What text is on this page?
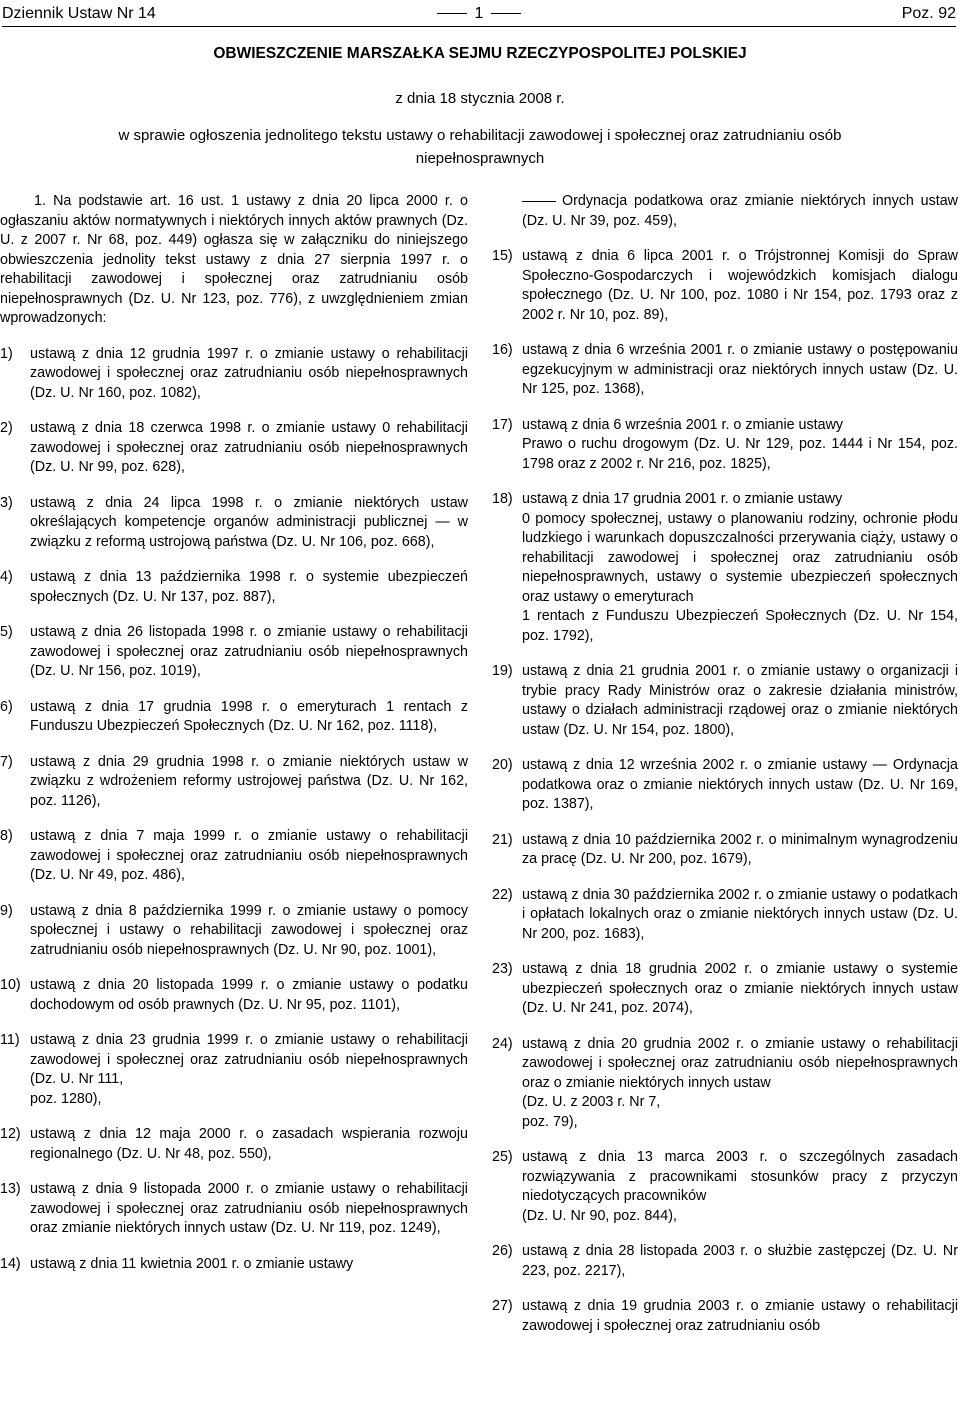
Dziennik Ustaw Nr 14	1	Poz. 92
OBWIESZCZENIE MARSZAŁKA SEJMU RZECZYPOSPOLITEJ POLSKIEJ
z dnia 18 stycznia 2008 r.
w sprawie ogłoszenia jednolitego tekstu ustawy o rehabilitacji zawodowej i społecznej oraz zatrudnianiu osób niepełnosprawnych

1. Na podstawie art. 16 ust. 1 ustawy z dnia 20 lipca 2000 r. o ogłaszaniu aktów normatywnych i niektórych innych aktów prawnych (Dz. U. z 2007 r. Nr 68, poz. 449) ogłasza się w załączniku do niniejszego obwieszczenia jednolity tekst ustawy z dnia 27 sierpnia 1997 r. o rehabilitacji zawodowej i społecznej oraz zatrudnianiu osób niepełnosprawnych (Dz. U. Nr 123, poz. 776), z uwzględnieniem zmian wprowadzonych:

1) ustawą z dnia 12 grudnia 1997 r. o zmianie ustawy o rehabilitacji zawodowej i społecznej oraz zatrudnianiu osób niepełnosprawnych (Dz. U. Nr 160, poz. 1082),

2) ustawą z dnia 18 czerwca 1998 r. o zmianie ustawy 0 rehabilitacji zawodowej i społecznej oraz zatrudnianiu osób niepełnosprawnych (Dz. U. Nr 99, poz. 628),

3) ustawą z dnia 24 lipca 1998 r. o zmianie niektórych ustaw określających kompetencje organów administracji publicznej — w związku z reformą ustrojową państwa (Dz. U. Nr 106, poz. 668),

4) ustawą z dnia 13 października 1998 r. o systemie ubezpieczeń społecznych (Dz. U. Nr 137, poz. 887),

5) ustawą z dnia 26 listopada 1998 r. o zmianie ustawy o rehabilitacji zawodowej i społecznej oraz zatrudnianiu osób niepełnosprawnych (Dz. U. Nr 156, poz. 1019),

6) ustawą z dnia 17 grudnia 1998 r. o emeryturach 1 rentach z Funduszu Ubezpieczeń Społecznych (Dz. U. Nr 162, poz. 1118),

7) ustawą z dnia 29 grudnia 1998 r. o zmianie niektórych ustaw w związku z wdrożeniem reformy ustrojowej państwa (Dz. U. Nr 162, poz. 1126),

8) ustawą z dnia 7 maja 1999 r. o zmianie ustawy o rehabilitacji zawodowej i społecznej oraz zatrudnianiu osób niepełnosprawnych (Dz. U. Nr 49, poz. 486),

9) ustawą z dnia 8 października 1999 r. o zmianie ustawy o pomocy społecznej i ustawy o rehabilitacji zawodowej i społecznej oraz zatrudnianiu osób niepełnosprawnych (Dz. U. Nr 90, poz. 1001),

10) ustawą z dnia 20 listopada 1999 r. o zmianie ustawy o podatku dochodowym od osób prawnych (Dz. U. Nr 95, poz. 1101),

11) ustawą z dnia 23 grudnia 1999 r. o zmianie ustawy o rehabilitacji zawodowej i społecznej oraz zatrudnianiu osób niepełnosprawnych (Dz. U. Nr 111,

poz. 1280),

12) ustawą z dnia 12 maja 2000 r. o zasadach wspierania rozwoju regionalnego (Dz. U. Nr 48, poz. 550),

13) ustawą z dnia 9 listopada 2000 r. o zmianie ustawy o rehabilitacji zawodowej i społecznej oraz zatrudnianiu osób niepełnosprawnych oraz zmianie niektórych innych ustaw (Dz. U. Nr 119, poz. 1249),

14) ustawą z dnia 11 kwietnia 2001 r. o zmianie ustawy

Ordynacja podatkowa oraz zmianie niektórych innych ustaw (Dz. U. Nr 39, poz. 459),

15) ustawą z dnia 6 lipca 2001 r. o Trójstronnej Komisji do Spraw Społeczno-Gospodarczych i wojewódzkich komisjach dialogu społecznego (Dz. U. Nr 100, poz. 1080 i Nr 154, poz. 1793 oraz z 2002 r. Nr 10, poz. 89),

16) ustawą z dnia 6 września 2001 r. o zmianie ustawy o postępowaniu egzekucyjnym w administracji oraz niektórych innych ustaw (Dz. U. Nr 125, poz. 1368),

17) ustawą z dnia 6 września 2001 r. o zmianie ustawy

Prawo o ruchu drogowym (Dz. U. Nr 129, poz. 1444 i Nr 154, poz. 1798 oraz z 2002 r. Nr 216, poz. 1825),

18) ustawą z dnia 17 grudnia 2001 r. o zmianie ustawy

0 pomocy społecznej, ustawy o planowaniu rodziny, ochronie płodu ludzkiego i warunkach dopuszczalności przerywania ciąży, ustawy o rehabilitacji zawodowej i społecznej oraz zatrudnianiu osób niepełnosprawnych, ustawy o systemie ubezpieczeń społecznych oraz ustawy o emeryturach

1 rentach z Funduszu Ubezpieczeń Społecznych (Dz. U. Nr 154, poz. 1792),

19) ustawą z dnia 21 grudnia 2001 r. o zmianie ustawy o organizacji i trybie pracy Rady Ministrów oraz o zakresie działania ministrów, ustawy o działach administracji rządowej oraz o zmianie niektórych ustaw (Dz. U. Nr 154, poz. 1800),

20) ustawą z dnia 12 września 2002 r. o zmianie ustawy — Ordynacja podatkowa oraz o zmianie niektórych innych ustaw (Dz. U. Nr 169, poz. 1387),

21) ustawą z dnia 10 października 2002 r. o minimalnym wynagrodzeniu za pracę (Dz. U. Nr 200, poz. 1679),

22) ustawą z dnia 30 października 2002 r. o zmianie ustawy o podatkach i opłatach lokalnych oraz o zmianie niektórych innych ustaw (Dz. U. Nr 200, poz. 1683),

23) ustawą z dnia 18 grudnia 2002 r. o zmianie ustawy o systemie ubezpieczeń społecznych oraz o zmianie niektórych innych ustaw (Dz. U. Nr 241, poz. 2074),

24) ustawą z dnia 20 grudnia 2002 r. o zmianie ustawy o rehabilitacji zawodowej i społecznej oraz zatrudnianiu osób niepełnosprawnych oraz o zmianie niektórych innych ustaw

(Dz. U. z 2003 r. Nr 7,

poz. 79),

25) ustawą z dnia 13 marca 2003 r. o szczególnych zasadach rozwiązywania z pracownikami stosunków pracy z przyczyn niedotyczących pracowników

(Dz. U. Nr 90, poz. 844),

26) ustawą z dnia 28 listopada 2003 r. o służbie zastępczej (Dz. U. Nr 223, poz. 2217),

27) ustawą z dnia 19 grudnia 2003 r. o zmianie ustawy o rehabilitacji zawodowej i społecznej oraz zatrudnianiu osób
